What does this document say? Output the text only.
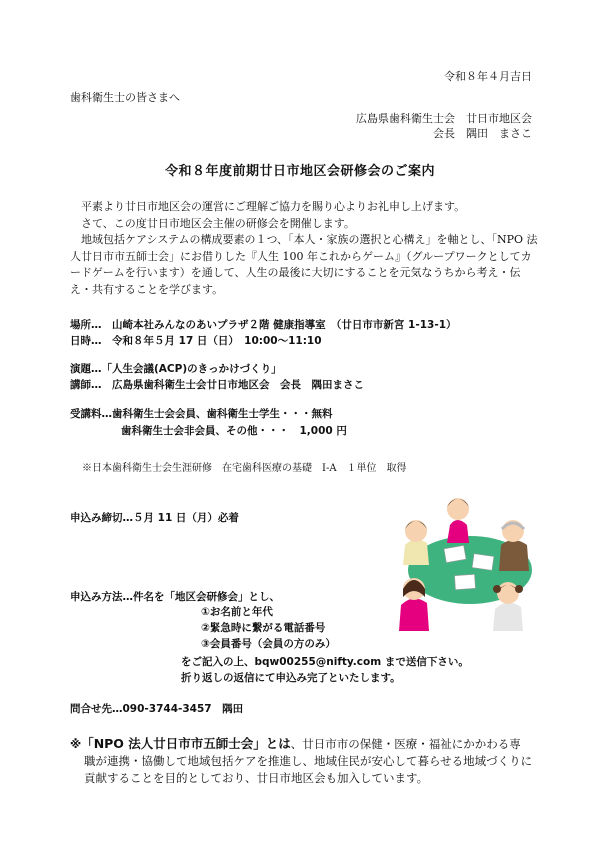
令和８年４月吉日
歯科衛生士の皆さまへ
広島県歯科衛生士会　廿日市地区会
会長　隅田　まさこ
令和８年度前期廿日市地区会研修会のご案内

平素より廿日市地区会の運営にご理解ご協力を賜り心よりお礼申し上げます。

さて、この度廿日市地区会主催の研修会を開催します。

地域包括ケアシステムの構成要素の１つ、「本人・家族の選択と心構え」を軸とし、「NPO 法人廿日市市五師士会」にお借りした『人生 100 年これからゲーム』（グループワークとしてカードゲームを行います）を通して、人生の最後に大切にすることを元気なうちから考え・伝え・共有することを学びます。

場所…　山崎本社みんなのあいプラザ２階 健康指導室　（廿日市市新宮 1-13-1）
日時…　令和８年５月 17 日（日）　10:00～11:10
演題…「人生会議(ACP)のきっかけづくり」
講師…　広島県歯科衛生士会廿日市地区会　会長　隅田まさこ
受講料…歯科衛生士会会員、歯科衛生士学生・・・無料
歯科衛生士会非会員、その他・・・　1,000 円
※日本歯科衛生士会生涯研修　在宅歯科医療の基礎　Ⅰ-A　１単位　取得
申込み締切…５月 11 日（月）必着
申込み方法…件名を「地区会研修会」とし、
①お名前と年代
②緊急時に繋がる電話番号
③会員番号（会員の方のみ）
をご記入の上、bqw00255@nifty.com まで送信下さい。
折り返しの返信にて申込み完了といたします。
問合せ先…090-3744-3457　隅田
※「NPO 法人廿日市市五師士会」とは、廿日市市の保健・医療・福祉にかかわる専
職が連携・協働して地域包括ケアを推進し、地域住民が安心して暮らせる地域づくりに貢献することを目的としており、廿日市地区会も加入しています。
